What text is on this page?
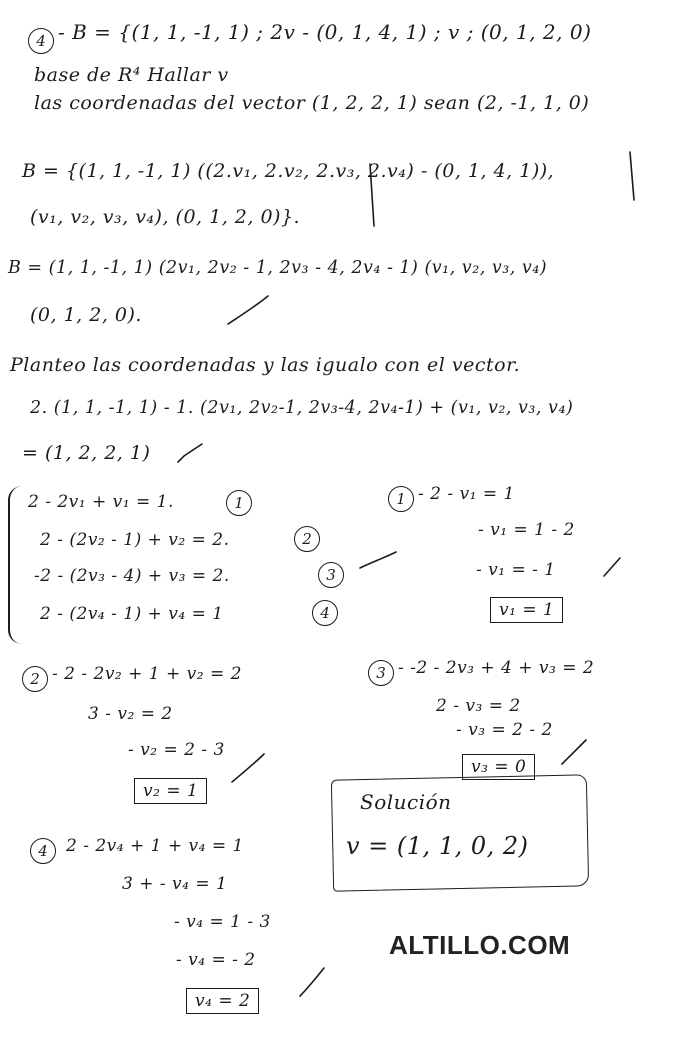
4 - B = {(1, 1, -1, 1) ; 2v - (0, 1, 4, 1) ; v ; (0, 1, 2, 0)
base de R⁴ Hallar v
las coordenadas del vector (1, 2, 2, 1) sean (2, -1, 1, 0)
B = {(1, 1, -1, 1) ((2.v₁, 2.v₂, 2.v₃, 2.v₄) - (0, 1, 4, 1)),
(v₁, v₂, v₃, v₄), (0, 1, 2, 0)}.
B = (1, 1, -1, 1) (2v₁, 2v₂ - 1, 2v₃ - 4, 2v₄ - 1) (v₁, v₂, v₃, v₄)
(0, 1, 2, 0).
Planteo las coordenadas y las igualo con el vector.
2. (1, 1, -1, 1) - 1. (2v₁, 2v₂-1, 2v₃-4, 2v₄-1) + (v₁, v₂, v₃, v₄)
= (1, 2, 2, 1)
2 - 2v₁ + v₁ = 1.	1
2 - (2v₂ - 1) + v₂ = 2.	2
-2 - (2v₃ - 4) + v₃ = 2.	3
2 - (2v₄ - 1) + v₄ = 1	4
1 - 2 - v₁ = 1
- v₁ = 1 - 2
- v₁ = - 1
v₁ = 1
2 - 2 - 2v₂ + 1 + v₂ = 2
3 - v₂ = 2
- v₂ = 2 - 3
v₂ = 1
3 - -2 - 2v₃ + 4 + v₃ = 2
2 - v₃ = 2
- v₃ = 2 - 2
v₃ = 0
Solución
v = (1, 1, 0, 2)
4	2 - 2v₄ + 1 + v₄ = 1
3 + - v₄ = 1
- v₄ = 1 - 3
- v₄ = - 2
v₄ = 2
ALTILLO.COM
